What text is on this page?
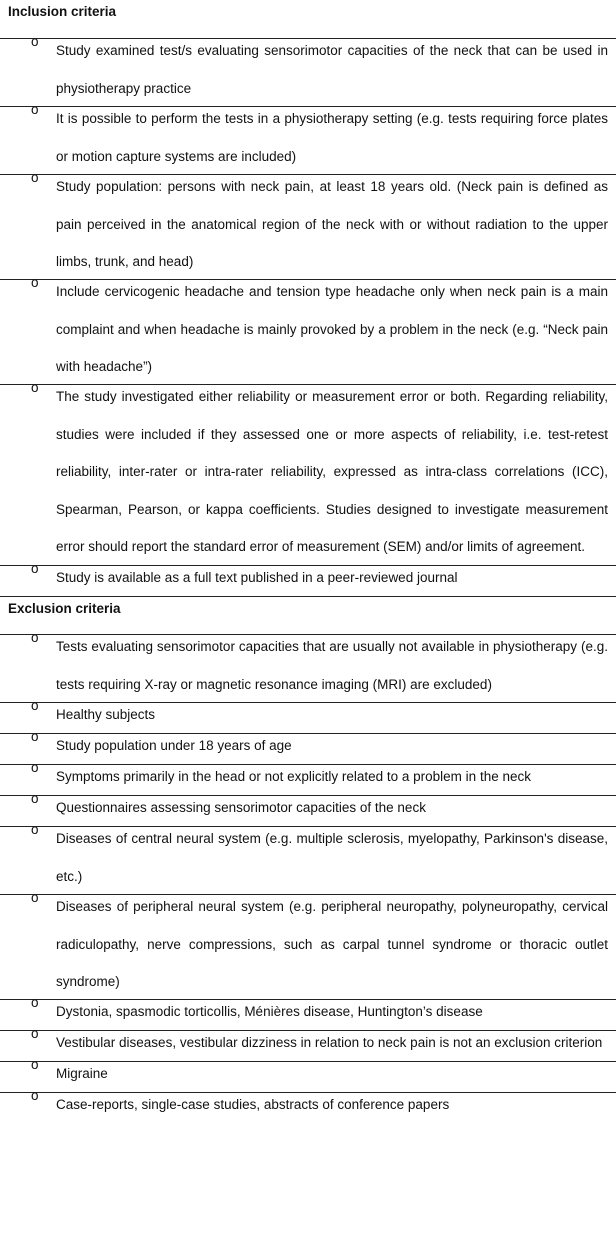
Inclusion criteria
o
Study examined test/s evaluating sensorimotor capacities of the neck that can be used in physiotherapy practice
o
It is possible to perform the tests in a physiotherapy setting (e.g. tests requiring force plates or motion capture systems are included)
o
Study population: persons with neck pain, at least 18 years old. (Neck pain is defined as pain perceived in the anatomical region of the neck with or without radiation to the upper limbs, trunk, and head)
o
Include cervicogenic headache and tension type headache only when neck pain is a main complaint and when headache is mainly provoked by a problem in the neck (e.g. “Neck pain with headache”)
o
The study investigated either reliability or measurement error or both. Regarding reliability, studies were included if they assessed one or more aspects of reliability, i.e. test-retest reliability, inter-rater or intra-rater reliability, expressed as intra-class correlations (ICC), Spearman, Pearson, or kappa coefficients. Studies designed to investigate measurement error should report the standard error of measurement (SEM) and/or limits of agreement.
o
Study is available as a full text published in a peer-reviewed journal
Exclusion criteria
o
Tests evaluating sensorimotor capacities that are usually not available in physiotherapy (e.g. tests requiring X-ray or magnetic resonance imaging (MRI) are excluded)
o
Healthy subjects
o
Study population under 18 years of age
o
Symptoms primarily in the head or not explicitly related to a problem in the neck
o
Questionnaires assessing sensorimotor capacities of the neck
o
Diseases of central neural system (e.g. multiple sclerosis, myelopathy, Parkinson's disease, etc.)
o
Diseases of peripheral neural system (e.g. peripheral neuropathy, polyneuropathy, cervical radiculopathy, nerve compressions, such as carpal tunnel syndrome or thoracic outlet syndrome)
o
Dystonia, spasmodic torticollis, Ménières disease, Huntington’s disease
o
Vestibular diseases, vestibular dizziness in relation to neck pain is not an exclusion criterion
o
Migraine
o
Case-reports, single-case studies, abstracts of conference papers
